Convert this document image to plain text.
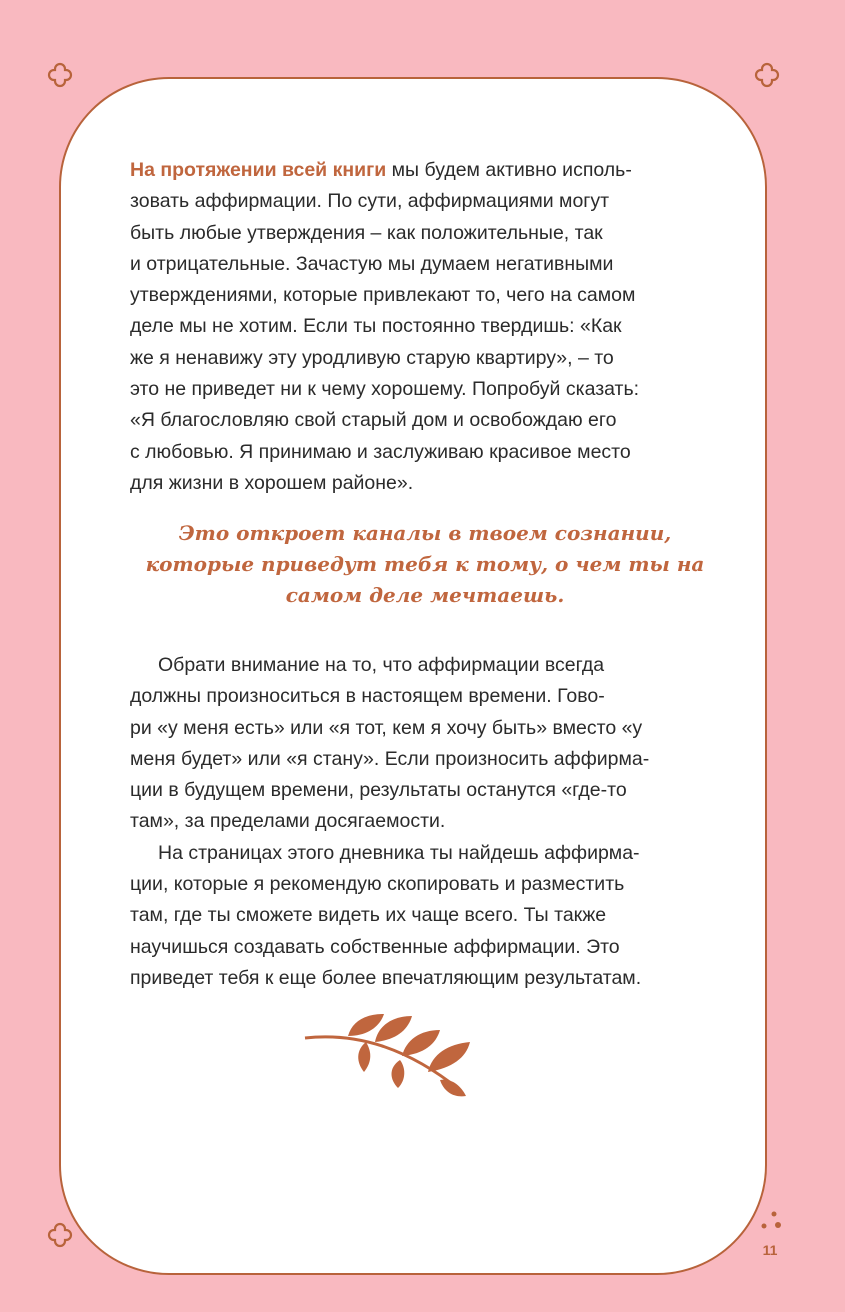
На протяжении всей книги мы будем активно исполь-
зовать аффирмации. По сути, аффирмациями могут
быть любые утверждения – как положительные, так
и отрицательные. Зачастую мы думаем негативными
утверждениями, которые привлекают то, чего на самом
деле мы не хотим. Если ты постоянно твердишь: «Как
же я ненавижу эту уродливую старую квартиру», – то
это не приведет ни к чему хорошему. Попробуй сказать:
«Я благословляю свой старый дом и освобождаю его
с любовью. Я принимаю и заслуживаю красивое место
для жизни в хорошем районе».
Это откроет каналы в твоем сознании,
которые приведут тебя к тому, о чем ты на
самом деле мечтаешь.
Обрати внимание на то, что аффирмации всегда
должны произноситься в настоящем времени. Гово-
ри «у меня есть» или «я тот, кем я хочу быть» вместо «у
меня будет» или «я стану». Если произносить аффирма-
ции в будущем времени, результаты останутся «где-то
там», за пределами досягаемости.
На страницах этого дневника ты найдешь аффирма-
ции, которые я рекомендую скопировать и разместить
там, где ты сможете видеть их чаще всего. Ты также
научишься создавать собственные аффирмации. Это
приведет тебя к еще более впечатляющим результатам.
11
